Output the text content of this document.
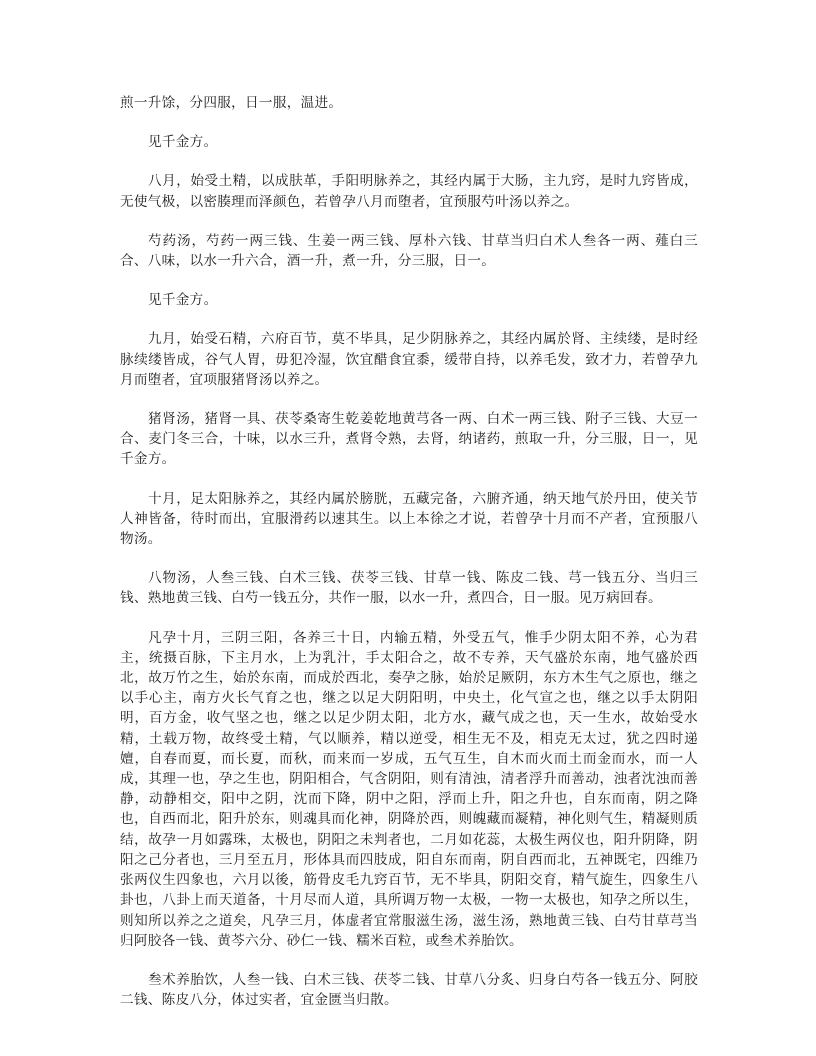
煎一升馀，分四服，日一服，温进。

见千金方。

八月，始受土精，以成肤革，手阳明脉养之，其经内属于大肠，主九窍，是时九窍皆成，无使气极，以密腠理而泽颜色，若曾孕八月而堕者，宜预服芍叶汤以养之。

芍药汤，芍药一两三钱、生姜一两三钱、厚朴六钱、甘草当归白术人叁各一两、薤白三合、八味，以水一升六合，酒一升，煮一升，分三服，日一。

见千金方。

九月，始受石精，六府百节，莫不毕具，足少阴脉养之，其经内属於肾、主续缕，是时经脉续缕皆成，谷气人胃，毋犯冷湿，饮宜醋食宜黍，缓带自持，以养毛发，致才力，若曾孕九月而堕者，宜项服猪肾汤以养之。

猪肾汤，猪肾一具、茯苓桑寄生乾姜乾地黄芎各一两、白术一两三钱、附子三钱、大豆一合、麦门冬三合，十味，以水三升，煮肾令熟，去肾，纳诸药，煎取一升，分三服，日一，见千金方。

十月，足太阳脉养之，其经内属於膀胱，五藏完备，六腑齐通，纳天地气於丹田，使关节人神皆备，待时而出，宜服滑药以速其生。以上本徐之才说，若曾孕十月而不产者，宜预服八物汤。

八物汤，人叁三钱、白术三钱、茯苓三钱、甘草一钱、陈皮二钱、芎一钱五分、当归三钱、熟地黄三钱、白芍一钱五分，共作一服，以水一升，煮四合，日一服。见万病回春。

凡孕十月，三阴三阳，各养三十日，内输五精，外受五气，惟手少阴太阳不养，心为君主，统摄百脉，下主月水，上为乳汁，手太阳合之，故不专养，天气盛於东南，地气盛於西北，故万竹之生，始於东南，而成於西北，奏孕之脉，始於足厥阴，东方木生气之原也，继之以手心主，南方火长气育之也，继之以足大阴阳明，中央土，化气宣之也，继之以手太阴阳明，百方金，收气坚之也，继之以足少阴太阳，北方水，藏气成之也，天一生水，故始受水精，土载万物，故终受土精，气以顺养，精以逆受，相生无不及，相克无太过，犹之四时递嬗，自春而夏，而长夏，而秋，而来而一岁成，五气互生，自木而火而土而金而水，而一人成，其理一也，孕之生也，阴阳相合，气含阴阳，则有清浊，清者浮升而善动，浊者沈浊而善静，动静相交，阳中之阴，沈而下降，阴中之阳，浮而上升，阳之升也，自东而南，阴之降也，自西而北，阳升於东，则魂具而化神，阴降於西，则魄藏而凝精，神化则气生，精凝则质结，故孕一月如露珠，太极也，阴阳之未判者也，二月如花蕊，太极生两仪也，阳升阴降，阴阳之己分者也，三月至五月，形体具而四肢成，阳自东而南，阴自西而北，五神既宅，四维乃张两仪生四象也，六月以後，筋骨皮毛九窍百节，无不毕具，阴阳交育，精气旋生，四象生八卦也，八卦上而天道备，十月尽而人道，具所调万物一太极，一物一太极也，知孕之所以生，则知所以养之之道矣，凡孕三月，体虚者宜常服滋生汤，滋生汤，熟地黄三钱、白芍甘草芎当归阿胶各一钱、黄芩六分、砂仁一钱、糯米百粒，或叁术养胎饮。

叁术养胎饮，人叁一钱、白术三钱、茯苓二钱、甘草八分炙、归身白芍各一钱五分、阿胶二钱、陈皮八分，体过实者，宜金匮当归散。
